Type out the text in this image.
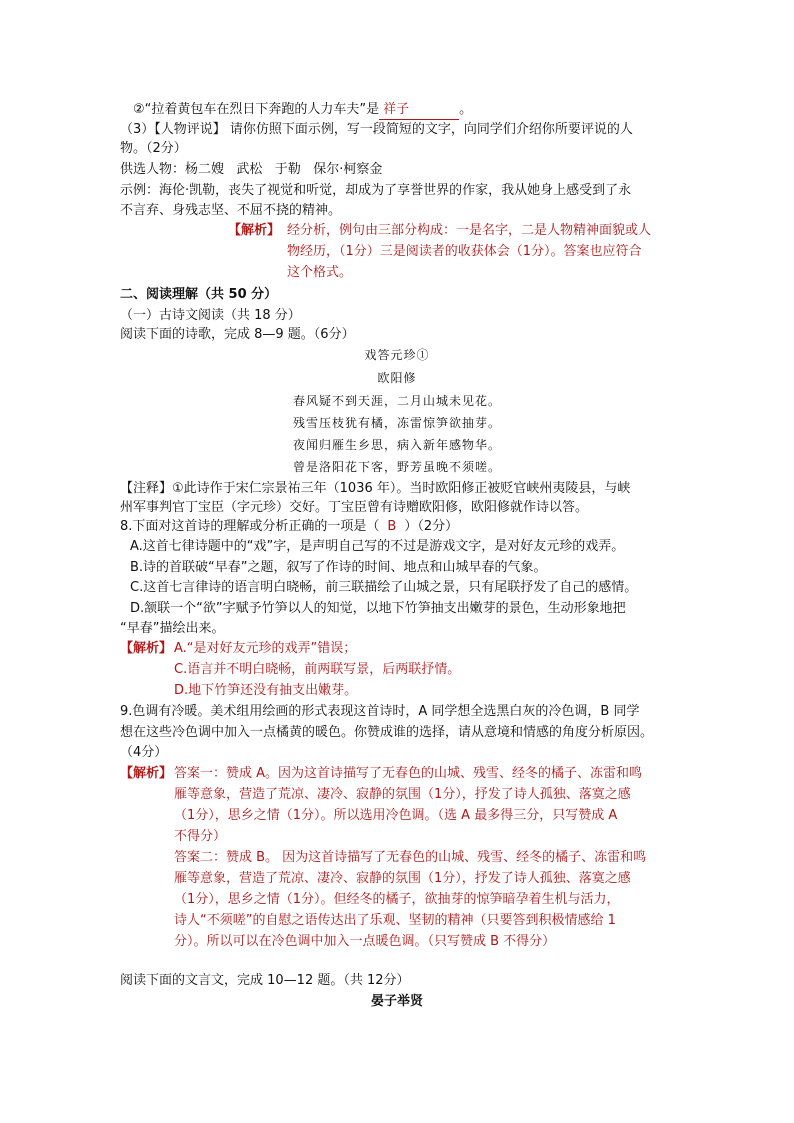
②“拉着黄包车在烈日下奔跑的人力车夫”是 祥子	。
（3）【人物评说】 请你仿照下面示例，写一段简短的文字，向同学们介绍你所要评说的人
物。（2分）
供选人物：杨二嫂   武松   于勒   保尔·柯察金
示例：海伦·凯勒，丧失了视觉和听觉，却成为了享誉世界的作家，我从她身上感受到了永
不言弃、身残志坚、不屈不挠的精神。
【解析】 经分析，例句由三部分构成：一是名字，二是人物精神面貌或人
物经历，（1分）三是阅读者的收获体会（1分）。答案也应符合
这个格式。
二、阅读理解（共 50 分）
（一）古诗文阅读（共 18 分）
阅读下面的诗歌，完成 8—9 题。（6分）
戏答元珍①
欧阳修
春风疑不到天涯，二月山城未见花。
残雪压枝犹有橘，冻雷惊笋欲抽芽。
夜闻归雁生乡思，病入新年感物华。
曾是洛阳花下客，野芳虽晚不须嗟。
【注释】①此诗作于宋仁宗景祐三年（1036 年）。当时欧阳修正被贬官峡州夷陵县，与峡
州军事判官丁宝臣（字元珍）交好。丁宝臣曾有诗赠欧阳修，欧阳修就作诗以答。
8.下面对这首诗的理解或分析正确的一项是（ B ）（2分）
A.这首七律诗题中的“戏”字，是声明自己写的不过是游戏文字，是对好友元珍的戏弄。
B.诗的首联破“早春”之题，叙写了作诗的时间、地点和山城早春的气象。
C.这首七言律诗的语言明白晓畅，前三联描绘了山城之景，只有尾联抒发了自己的感情。
D.颔联一个“欲”字赋予竹笋以人的知觉，以地下竹笋抽支出嫩芽的景色，生动形象地把
“早春”描绘出来。
【解析】 A.“是对好友元珍的戏弄”错误；
C.语言并不明白晓畅，前两联写景，后两联抒情。
D.地下竹笋还没有抽支出嫩芽。
9.色调有冷暖。美术组用绘画的形式表现这首诗时，A 同学想全选黑白灰的冷色调，B 同学
想在这些冷色调中加入一点橘黄的暖色。你赞成谁的选择，请从意境和情感的角度分析原因。
（4分）
【解析】 答案一：赞成 A。因为这首诗描写了无春色的山城、残雪、经冬的橘子、冻雷和鸣
雁等意象，营造了荒凉、凄冷、寂静的氛围（1分），抒发了诗人孤独、落寞之感
（1分），思乡之情（1分）。所以选用冷色调。（选 A 最多得三分，只写赞成 A
不得分）
答案二：赞成 B。 因为这首诗描写了无春色的山城、残雪、经冬的橘子、冻雷和鸣
雁等意象，营造了荒凉、凄冷、寂静的氛围（1分），抒发了诗人孤独、落寞之感
（1分），思乡之情（1分）。但经冬的橘子，欲抽芽的惊笋暗孕着生机与活力，
诗人“不须嗟”的自慰之语传达出了乐观、坚韧的精神（只要答到积极情感给 1
分）。所以可以在冷色调中加入一点暖色调。（只写赞成 B 不得分）
阅读下面的文言文，完成 10—12 题。（共 12分）
晏子举贤
